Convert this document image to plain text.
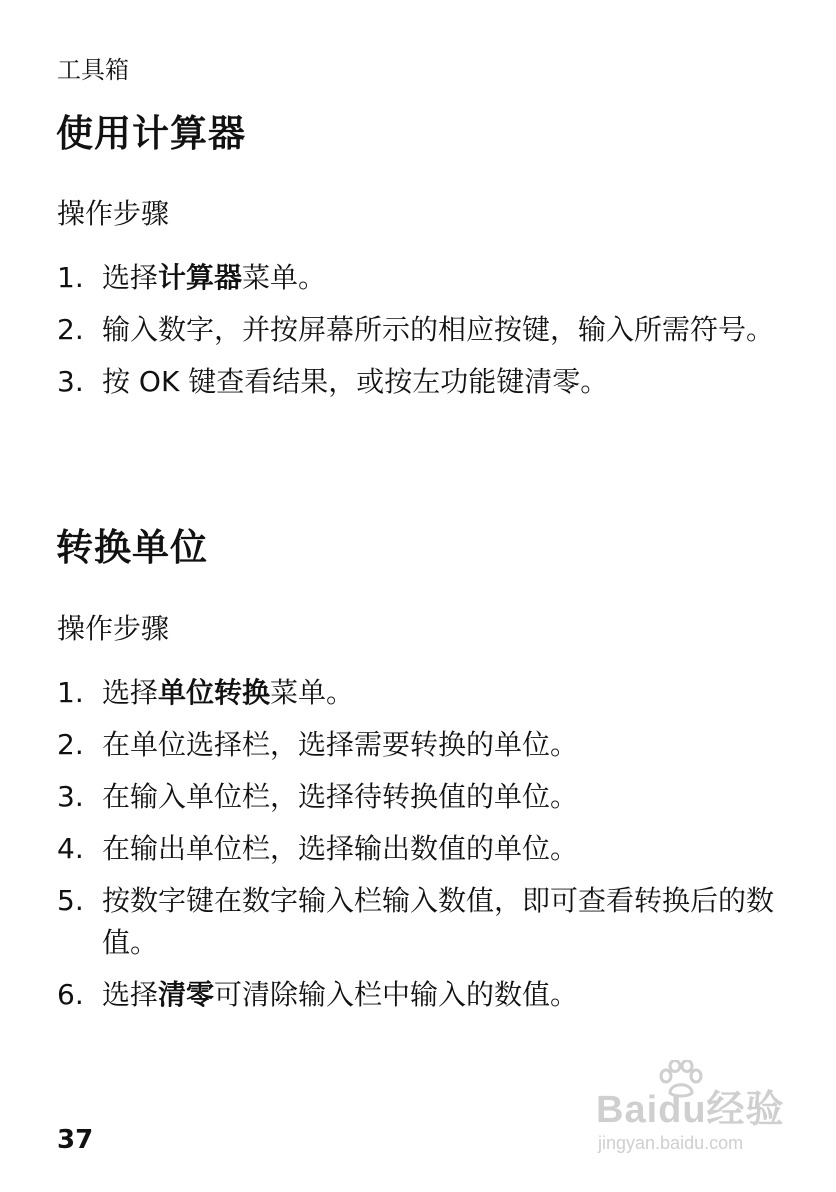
工具箱
使用计算器
操作步骤
1. 选择计算器菜单。
2. 输入数字，并按屏幕所示的相应按键，输入所需符号。
3. 按 OK 键查看结果，或按左功能键清零。
转换单位
操作步骤
1. 选择单位转换菜单。
2. 在单位选择栏，选择需要转换的单位。
3. 在输入单位栏，选择待转换值的单位。
4. 在输出单位栏，选择输出数值的单位。
5. 按数字键在数字输入栏输入数值，即可查看转换后的数值。
6. 选择清零可清除输入栏中输入的数值。
37
Baidu经验
jingyan.baidu.com
